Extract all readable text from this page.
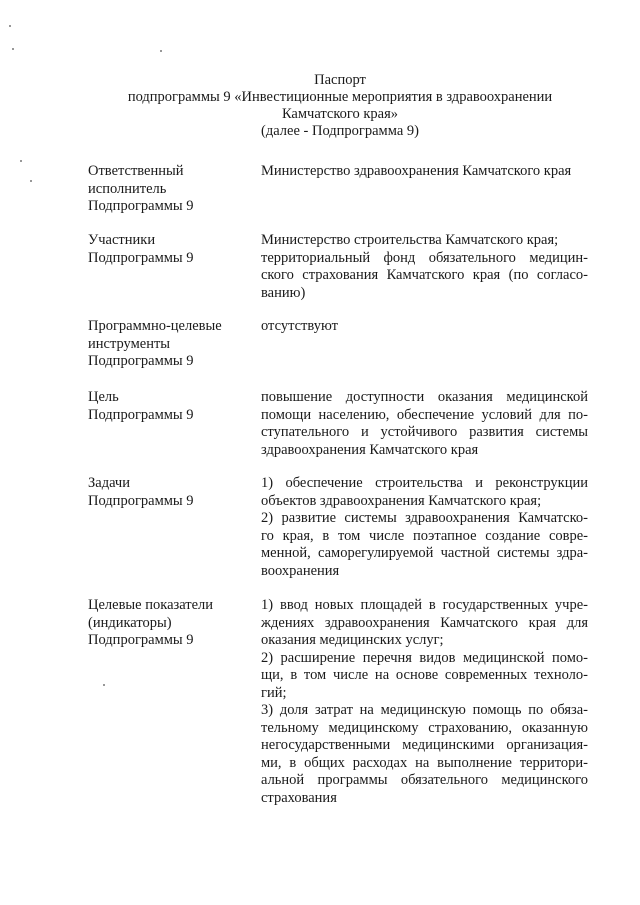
Паспорт
подпрограммы 9 «Инвестиционные мероприятия в здравоохранении
Камчатского края»
(далее - Подпрограмма 9)
Ответственный
исполнитель
Подпрограммы 9
Министерство здравоохранения Камчатского края
Участники
Подпрограммы 9
Министерство строительства Камчатского края;
территориальный фонд обязательного медицин-
ского страхования Камчатского края (по согласо-
ванию)
Программно-целевые
инструменты
Подпрограммы 9
отсутствуют
Цель
Подпрограммы 9
повышение доступности оказания медицинской
помощи населению, обеспечение условий для по-
ступательного и устойчивого развития системы
здравоохранения Камчатского края
Задачи
Подпрограммы 9
1) обеспечение строительства и реконструкции
объектов здравоохранения Камчатского края;
2) развитие системы здравоохранения Камчатско-
го края, в том числе поэтапное создание совре-
менной, саморегулируемой частной системы здра-
воохранения
Целевые показатели
(индикаторы)
Подпрограммы 9
1) ввод новых площадей в государственных учре-
ждениях здравоохранения Камчатского края для
оказания медицинских услуг;
2) расширение перечня видов медицинской помо-
щи, в том числе на основе современных техноло-
гий;
3) доля затрат на медицинскую помощь по обяза-
тельному медицинскому страхованию, оказанную
негосударственными медицинскими организация-
ми, в общих расходах на выполнение территори-
альной программы обязательного медицинского
страхования
